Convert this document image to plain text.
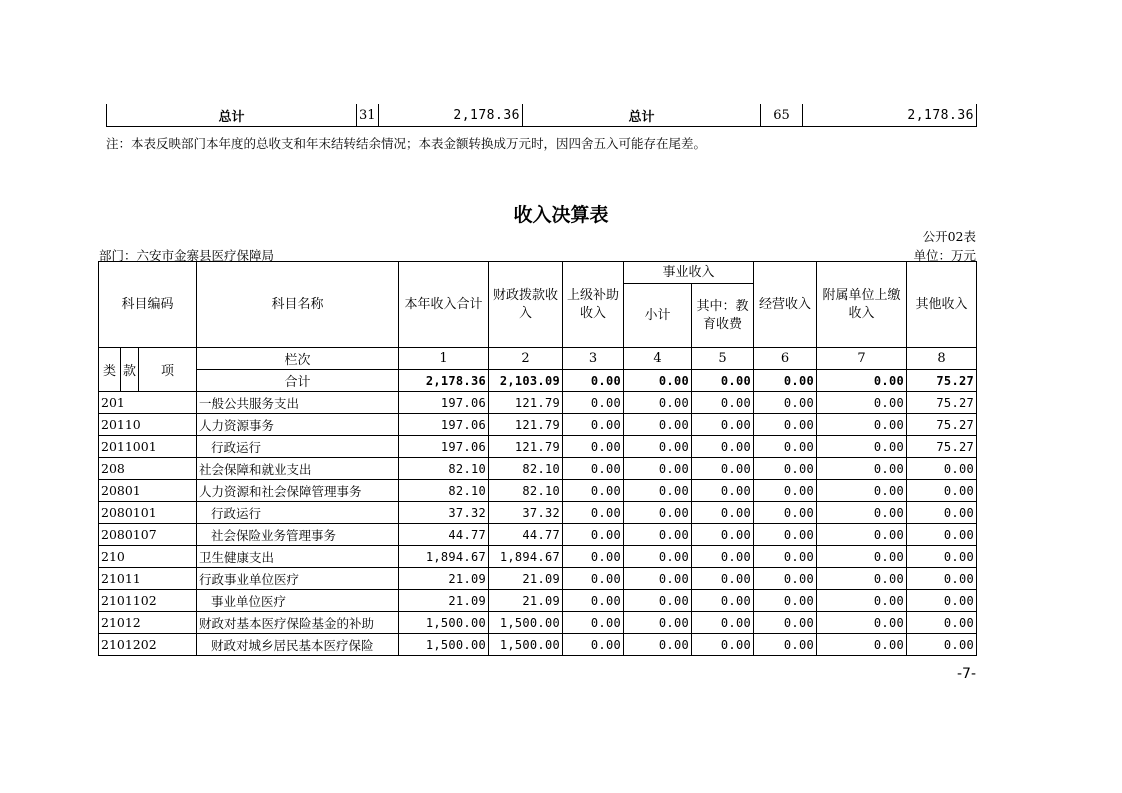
总计	31	2,178.36	总计	65	2,178.36
注：本表反映部门本年度的总收支和年末结转结余情况；本表金额转换成万元时，因四舍五入可能存在尾差。
收入决算表
公开02表
部门：六安市金寨县医疗保障局	单位：万元
科目编码			科目名称	本年收入合计	财政拨款收入	上级补助收入	事业收入		经营收入	附属单位上缴收入	其他收入
							小计	其中：教育收费			

类	款	项	栏次	1	2	3	4	5	6	7	8
			合计	2,178.36	2,103.09	0.00	0.00	0.00	0.00	0.00	75.27
201			一般公共服务支出	197.06	121.79	0.00	0.00	0.00	0.00	0.00	75.27
20110			人力资源事务	197.06	121.79	0.00	0.00	0.00	0.00	0.00	75.27
2011001			行政运行	197.06	121.79	0.00	0.00	0.00	0.00	0.00	75.27
208			社会保障和就业支出	82.10	82.10	0.00	0.00	0.00	0.00	0.00	0.00
20801			人力资源和社会保障管理事务	82.10	82.10	0.00	0.00	0.00	0.00	0.00	0.00
2080101			行政运行	37.32	37.32	0.00	0.00	0.00	0.00	0.00	0.00
2080107			社会保险业务管理事务	44.77	44.77	0.00	0.00	0.00	0.00	0.00	0.00
210			卫生健康支出	1,894.67	1,894.67	0.00	0.00	0.00	0.00	0.00	0.00
21011			行政事业单位医疗	21.09	21.09	0.00	0.00	0.00	0.00	0.00	0.00
2101102			事业单位医疗	21.09	21.09	0.00	0.00	0.00	0.00	0.00	0.00
21012			财政对基本医疗保险基金的补助	1,500.00	1,500.00	0.00	0.00	0.00	0.00	0.00	0.00
2101202			财政对城乡居民基本医疗保险	1,500.00	1,500.00	0.00	0.00	0.00	0.00	0.00	0.00
-7-
